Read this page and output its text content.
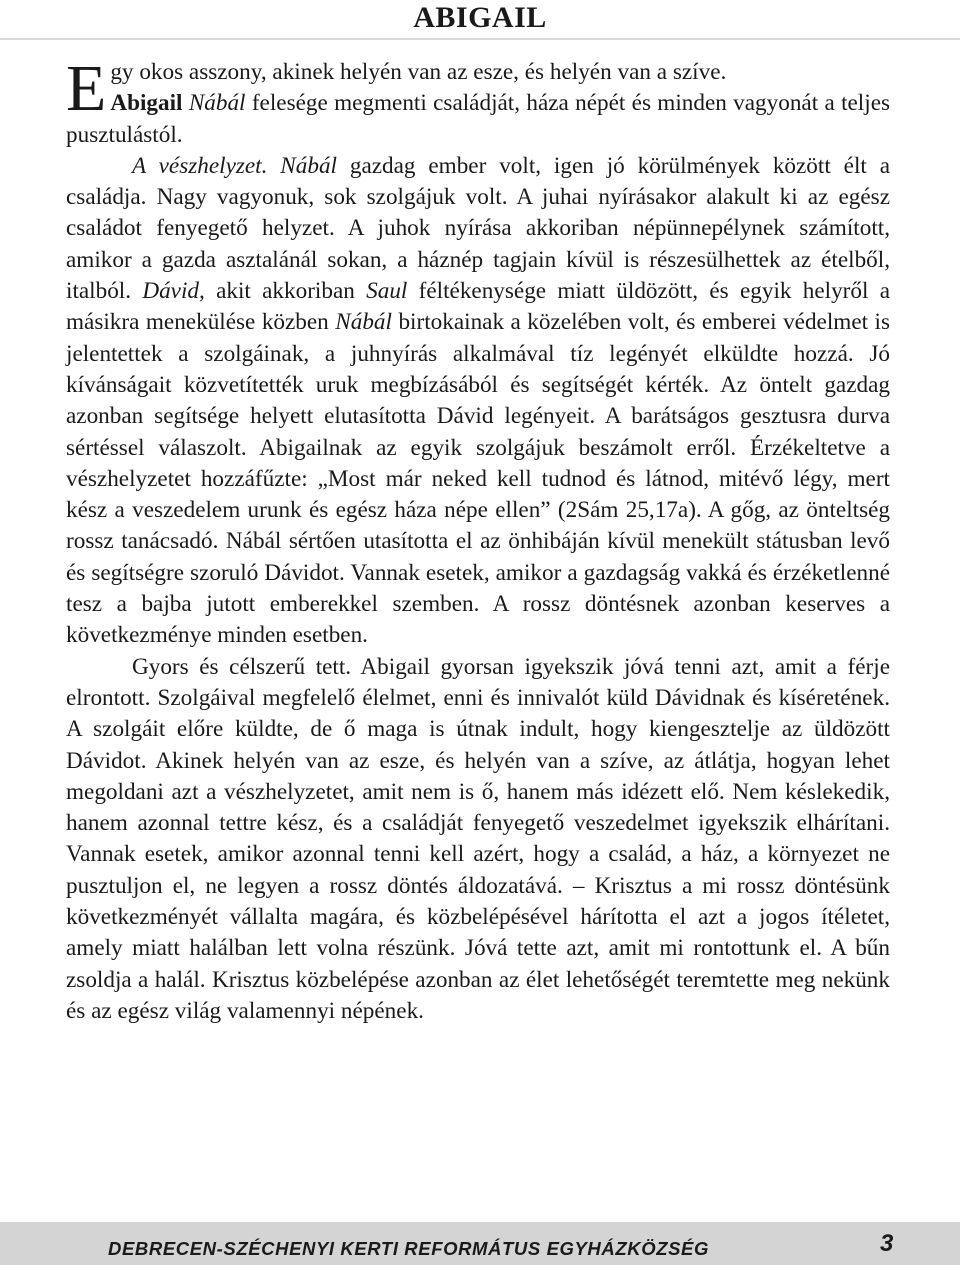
ABIGAIL

Egy okos asszony, akinek helyén van az esze, és helyén van a szíve.

Abigail Nábál felesége megmenti családját, háza népét és minden vagyonát a teljes pusztulástól.

A vészhelyzet. Nábál gazdag ember volt, igen jó körülmények között élt a családja. Nagy vagyonuk, sok szolgájuk volt. A juhai nyírásakor alakult ki az egész családot fenyegető helyzet. A juhok nyírása akkoriban népünnepélynek számított, amikor a gazda asztalánál sokan, a háznép tagjain kívül is részesülhettek az ételből, italból. Dávid, akit akkoriban Saul féltékenysége miatt üldözött, és egyik helyről a másikra menekülése közben Nábál birtokainak a közelében volt, és emberei védelmet is jelentettek a szolgáinak, a juhnyírás alkalmával tíz legényét elküldte hozzá. Jó kívánságait közvetítették uruk megbízásából és segítségét kérték. Az öntelt gazdag azonban segítsége helyett elutasította Dávid legényeit. A barátságos gesztusra durva sértéssel válaszolt. Abigailnak az egyik szolgájuk beszámolt erről. Érzékeltetve a vészhelyzetet hozzáfűzte: „Most már neked kell tudnod és látnod, mitévő légy, mert kész a veszedelem urunk és egész háza népe ellen” (2Sám 25,17a). A gőg, az önteltség rossz tanácsadó. Nábál sértően utasította el az önhibáján kívül menekült státusban levő és segítségre szoruló Dávidot. Vannak esetek, amikor a gazdagság vakká és érzéketlenné tesz a bajba jutott emberekkel szemben. A rossz döntésnek azonban keserves a következménye minden esetben.

Gyors és célszerű tett. Abigail gyorsan igyekszik jóvá tenni azt, amit a férje elrontott. Szolgáival megfelelő élelmet, enni és innivalót küld Dávidnak és kíséretének. A szolgáit előre küldte, de ő maga is útnak indult, hogy kiengesztelje az üldözött Dávidot. Akinek helyén van az esze, és helyén van a szíve, az átlátja, hogyan lehet megoldani azt a vészhelyzetet, amit nem is ő, hanem más idézett elő. Nem késlekedik, hanem azonnal tettre kész, és a családját fenyegető veszedelmet igyekszik elhárítani. Vannak esetek, amikor azonnal tenni kell azért, hogy a család, a ház, a környezet ne pusztuljon el, ne legyen a rossz döntés áldozatává. – Krisztus a mi rossz döntésünk következményét vállalta magára, és közbelépésével hárította el azt a jogos ítéletet, amely miatt halálban lett volna részünk. Jóvá tette azt, amit mi rontottunk el. A bűn zsoldja a halál. Krisztus közbelépése azonban az élet lehetőségét teremtette meg nekünk és az egész világ valamennyi népének.

DEBRECEN-SZÉCHENYI KERTI REFORMÁTUS EGYHÁZKÖZSÉG	3
